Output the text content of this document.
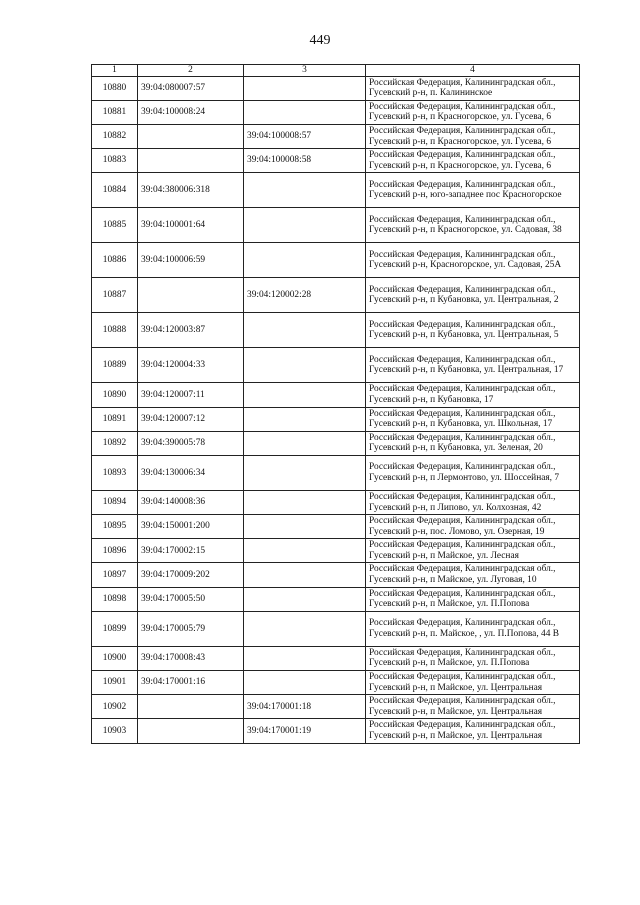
449
1	2	3	4
10880	39:04:080007:57		Российская Федерация, Калининградская обл., Гусевский р-н, п. Калининское
10881	39:04:100008:24		Российская Федерация, Калининградская обл., Гусевский р-н, п Красногорское, ул. Гусева, 6
10882		39:04:100008:57	Российская Федерация, Калининградская обл., Гусевский р-н, п Красногорское, ул. Гусева, 6
10883		39:04:100008:58	Российская Федерация, Калининградская обл., Гусевский р-н, п Красногорское, ул. Гусева, 6
10884	39:04:380006:318		Российская Федерация, Калининградская обл., Гусевский р-н, юго-западнее пос Красногорское
10885	39:04:100001:64		Российская Федерация, Калининградская обл., Гусевский р-н, п Красногорское, ул. Садовая, 38
10886	39:04:100006:59		Российская Федерация, Калининградская обл., Гусевский р-н, Красногорское, ул. Садовая, 25А
10887		39:04:120002:28	Российская Федерация, Калининградская обл., Гусевский р-н, п Кубановка, ул. Центральная, 2
10888	39:04:120003:87		Российская Федерация, Калининградская обл., Гусевский р-н, п Кубановка, ул. Центральная, 5
10889	39:04:120004:33		Российская Федерация, Калининградская обл., Гусевский р-н, п Кубановка, ул. Центральная, 17
10890	39:04:120007:11		Российская Федерация, Калининградская обл., Гусевский р-н, п Кубановка, 17
10891	39:04:120007:12		Российская Федерация, Калининградская обл., Гусевский р-н, п Кубановка, ул. Школьная, 17
10892	39:04:390005:78		Российская Федерация, Калининградская обл., Гусевский р-н, п Кубановка, ул. Зеленая, 20
10893	39:04:130006:34		Российская Федерация, Калининградская обл., Гусевский р-н, п Лермонтово, ул. Шоссейная, 7
10894	39:04:140008:36		Российская Федерация, Калининградская обл., Гусевский р-н, п Липово, ул. Колхозная, 42
10895	39:04:150001:200		Российская Федерация, Калининградская обл., Гусевский р-н, пос. Ломово, ул. Озерная, 19
10896	39:04:170002:15		Российская Федерация, Калининградская обл., Гусевский р-н, п Майское, ул. Лесная
10897	39:04:170009:202		Российская Федерация, Калининградская обл., Гусевский р-н, п Майское, ул. Луговая, 10
10898	39:04:170005:50		Российская Федерация, Калининградская обл., Гусевский р-н, п Майское, ул. П.Попова
10899	39:04:170005:79		Российская Федерация, Калининградская обл., Гусевский р-н, п. Майское, , ул. П.Попова, 44 В
10900	39:04:170008:43		Российская Федерация, Калининградская обл., Гусевский р-н, п Майское, ул. П.Попова
10901	39:04:170001:16		Российская Федерация, Калининградская обл., Гусевский р-н, п Майское, ул. Центральная
10902		39:04:170001:18	Российская Федерация, Калининградская обл., Гусевский р-н, п Майское, ул. Центральная
10903		39:04:170001:19	Российская Федерация, Калининградская обл., Гусевский р-н, п Майское, ул. Центральная
